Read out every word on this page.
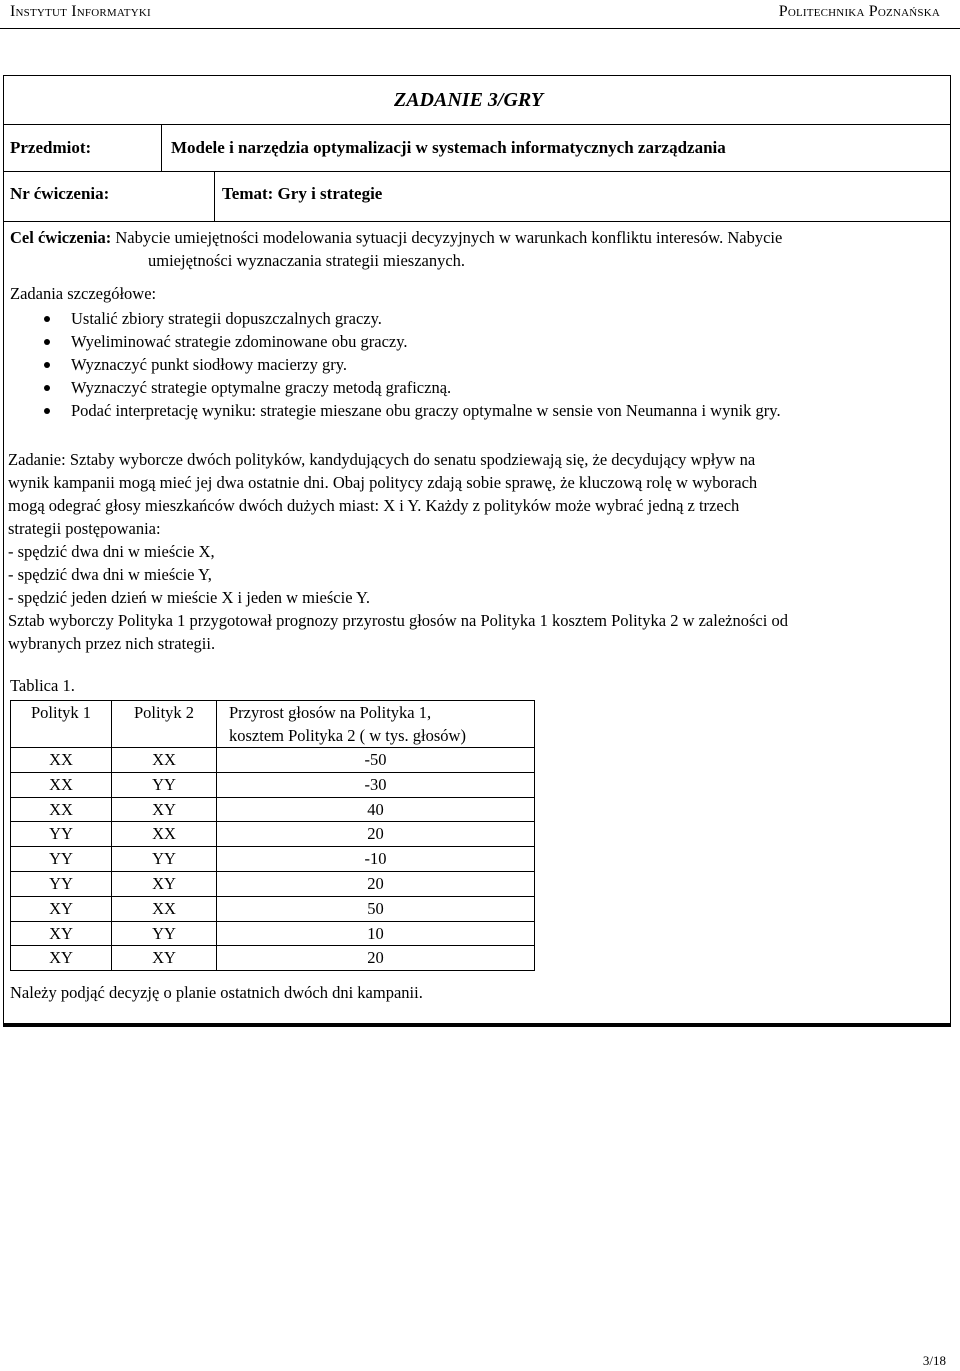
Instytut Informatyki	Politechnika Poznańska
ZADANIE 3/GRY
Przedmiot:	Modele i narzędzia optymalizacji w systemach informatycznych zarządzania
Nr ćwiczenia:	Temat: Gry i strategie
Cel ćwiczenia: Nabycie umiejętności modelowania sytuacji decyzyjnych w warunkach konfliktu interesów. Nabycie
umiejętności wyznaczania strategii mieszanych.
Zadania szczegółowe:
Ustalić zbiory strategii dopuszczalnych graczy.
Wyeliminować strategie zdominowane obu graczy.
Wyznaczyć punkt siodłowy macierzy gry.
Wyznaczyć strategie optymalne graczy metodą graficzną.
Podać interpretację wyniku: strategie mieszane obu graczy optymalne w sensie von Neumanna i wynik gry.
Zadanie: Sztaby wyborcze dwóch polityków, kandydujących do senatu spodziewają się, że decydujący wpływ na
wynik kampanii mogą mieć jej dwa ostatnie dni. Obaj politycy zdają sobie sprawę, że kluczową rolę w wyborach
mogą odegrać głosy mieszkańców dwóch dużych miast: X i Y. Każdy z polityków może wybrać jedną z trzech
strategii postępowania:
- spędzić dwa dni w mieście X,
- spędzić dwa dni w mieście Y,
- spędzić jeden dzień w mieście X i jeden w mieście Y.
Sztab wyborczy Polityka 1 przygotował prognozy przyrostu głosów na Polityka 1 kosztem Polityka 2 w zależności od
wybranych przez nich strategii.
Tablica 1.
Polityk 1	Polityk 2	Przyrost głosów na Polityka 1,
kosztem Polityka 2 ( w tys. głosów)

XX	XX	-50
XX	YY	-30
XX	XY	40
YY	XX	20
YY	YY	-10
YY	XY	20
XY	XX	50
XY	YY	10
XY	XY	20
Należy podjąć decyzję o planie ostatnich dwóch dni kampanii.
3/18
